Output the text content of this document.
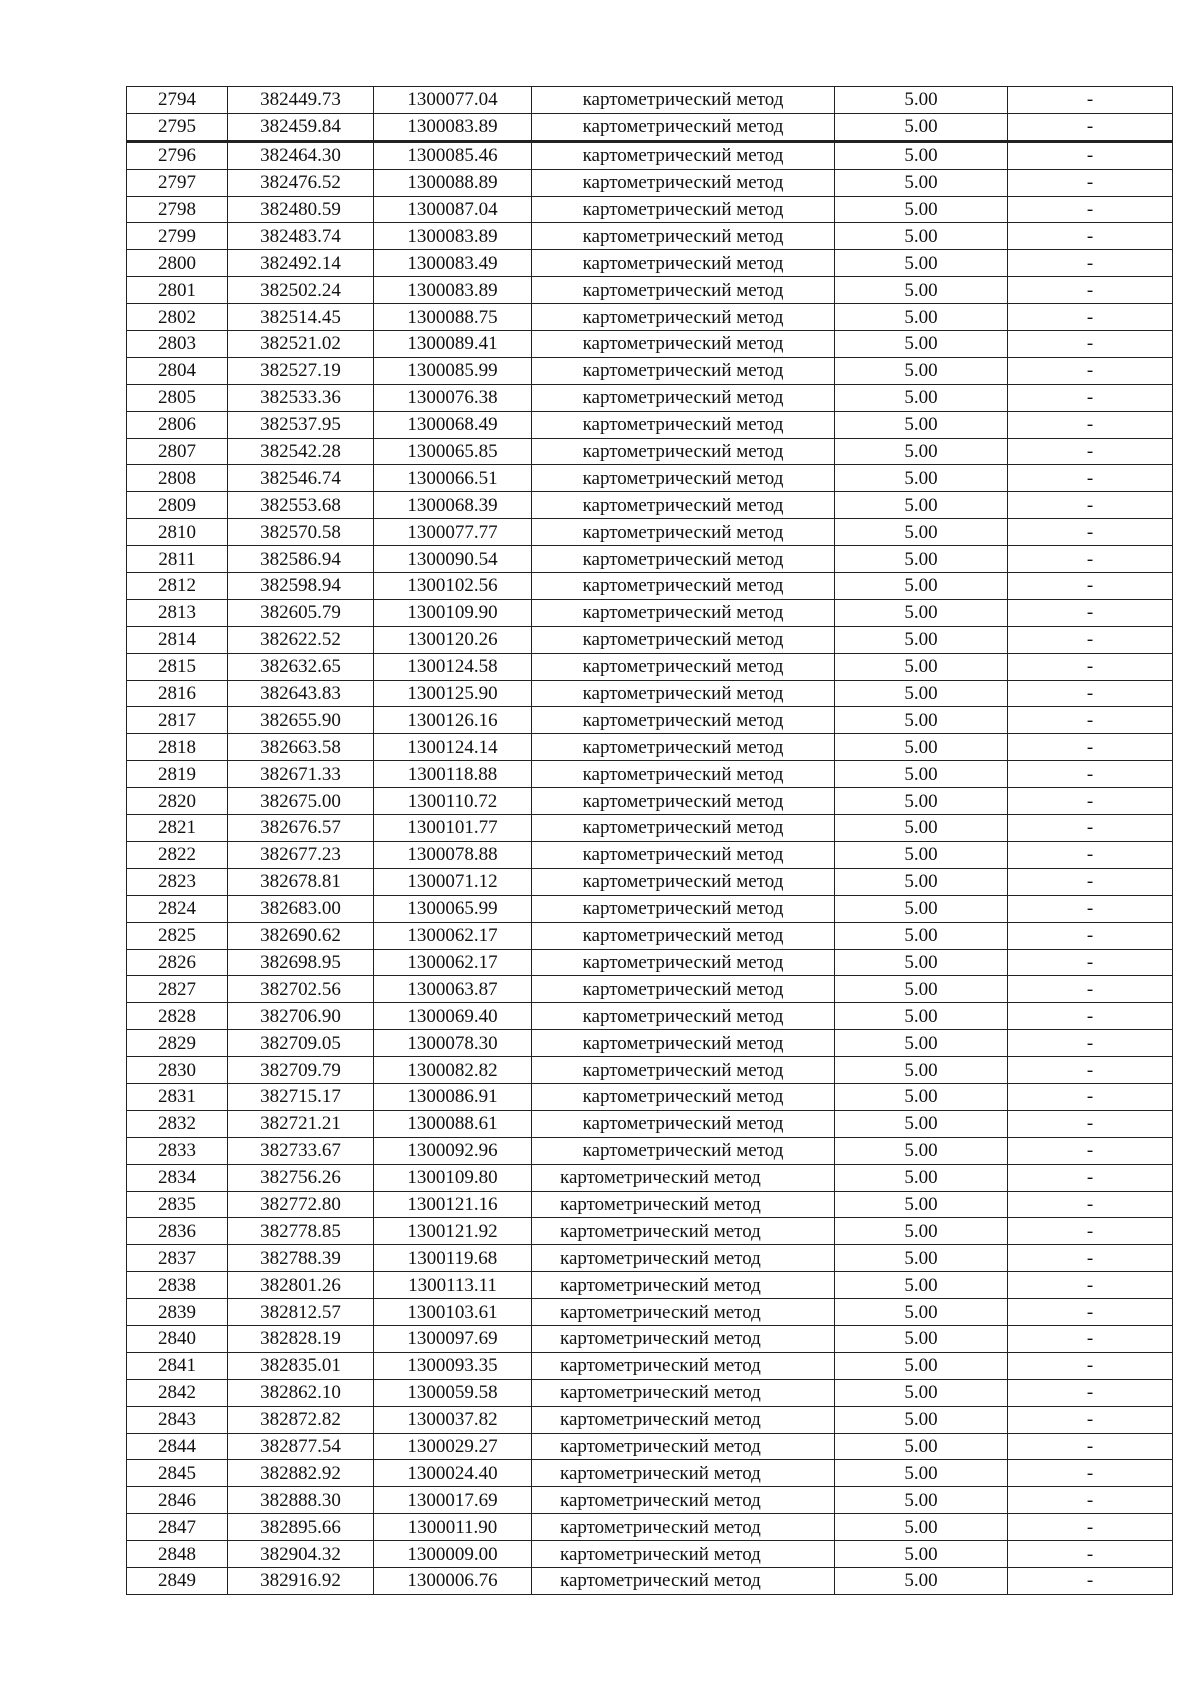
2794	382449.73	1300077.04	картометрический метод	5.00	-
2795	382459.84	1300083.89	картометрический метод	5.00	-
2796	382464.30	1300085.46	картометрический метод	5.00	-
2797	382476.52	1300088.89	картометрический метод	5.00	-
2798	382480.59	1300087.04	картометрический метод	5.00	-
2799	382483.74	1300083.89	картометрический метод	5.00	-
2800	382492.14	1300083.49	картометрический метод	5.00	-
2801	382502.24	1300083.89	картометрический метод	5.00	-
2802	382514.45	1300088.75	картометрический метод	5.00	-
2803	382521.02	1300089.41	картометрический метод	5.00	-
2804	382527.19	1300085.99	картометрический метод	5.00	-
2805	382533.36	1300076.38	картометрический метод	5.00	-
2806	382537.95	1300068.49	картометрический метод	5.00	-
2807	382542.28	1300065.85	картометрический метод	5.00	-
2808	382546.74	1300066.51	картометрический метод	5.00	-
2809	382553.68	1300068.39	картометрический метод	5.00	-
2810	382570.58	1300077.77	картометрический метод	5.00	-
2811	382586.94	1300090.54	картометрический метод	5.00	-
2812	382598.94	1300102.56	картометрический метод	5.00	-
2813	382605.79	1300109.90	картометрический метод	5.00	-
2814	382622.52	1300120.26	картометрический метод	5.00	-
2815	382632.65	1300124.58	картометрический метод	5.00	-
2816	382643.83	1300125.90	картометрический метод	5.00	-
2817	382655.90	1300126.16	картометрический метод	5.00	-
2818	382663.58	1300124.14	картометрический метод	5.00	-
2819	382671.33	1300118.88	картометрический метод	5.00	-
2820	382675.00	1300110.72	картометрический метод	5.00	-
2821	382676.57	1300101.77	картометрический метод	5.00	-
2822	382677.23	1300078.88	картометрический метод	5.00	-
2823	382678.81	1300071.12	картометрический метод	5.00	-
2824	382683.00	1300065.99	картометрический метод	5.00	-
2825	382690.62	1300062.17	картометрический метод	5.00	-
2826	382698.95	1300062.17	картометрический метод	5.00	-
2827	382702.56	1300063.87	картометрический метод	5.00	-
2828	382706.90	1300069.40	картометрический метод	5.00	-
2829	382709.05	1300078.30	картометрический метод	5.00	-
2830	382709.79	1300082.82	картометрический метод	5.00	-
2831	382715.17	1300086.91	картометрический метод	5.00	-
2832	382721.21	1300088.61	картометрический метод	5.00	-
2833	382733.67	1300092.96	картометрический метод	5.00	-
2834	382756.26	1300109.80	картометрический метод	5.00	-
2835	382772.80	1300121.16	картометрический метод	5.00	-
2836	382778.85	1300121.92	картометрический метод	5.00	-
2837	382788.39	1300119.68	картометрический метод	5.00	-
2838	382801.26	1300113.11	картометрический метод	5.00	-
2839	382812.57	1300103.61	картометрический метод	5.00	-
2840	382828.19	1300097.69	картометрический метод	5.00	-
2841	382835.01	1300093.35	картометрический метод	5.00	-
2842	382862.10	1300059.58	картометрический метод	5.00	-
2843	382872.82	1300037.82	картометрический метод	5.00	-
2844	382877.54	1300029.27	картометрический метод	5.00	-
2845	382882.92	1300024.40	картометрический метод	5.00	-
2846	382888.30	1300017.69	картометрический метод	5.00	-
2847	382895.66	1300011.90	картометрический метод	5.00	-
2848	382904.32	1300009.00	картометрический метод	5.00	-
2849	382916.92	1300006.76	картометрический метод	5.00	-
